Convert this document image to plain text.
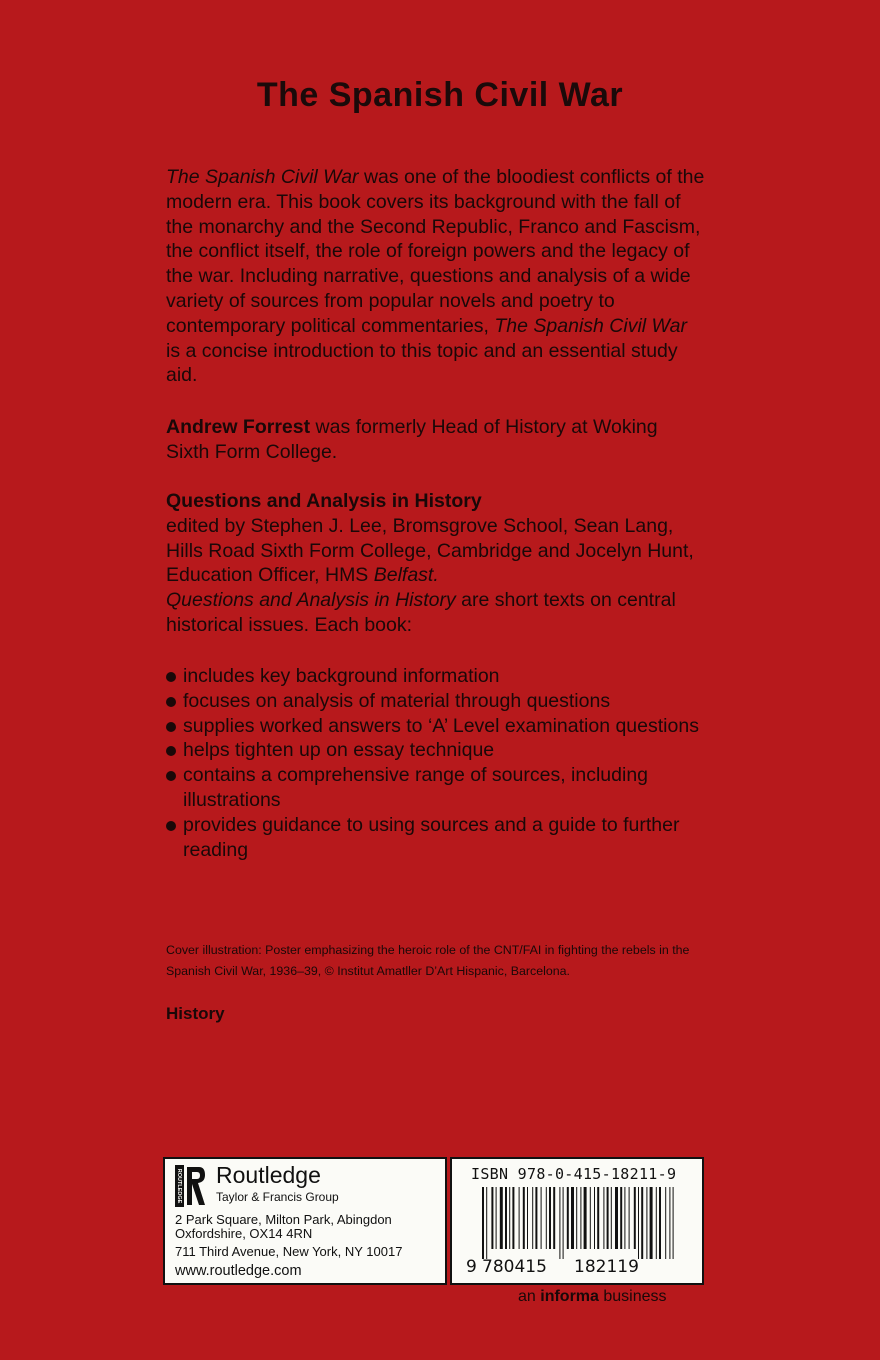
The Spanish Civil War
The Spanish Civil War was one of the bloodiest conflicts of the modern era. This book covers its background with the fall of the monarchy and the Second Republic, Franco and Fascism, the conflict itself, the role of foreign powers and the legacy of the war. Including narrative, questions and analysis of a wide variety of sources from popular novels and poetry to contemporary political commentaries, The Spanish Civil War is a concise introduction to this topic and an essential study aid.
Andrew Forrest was formerly Head of History at Woking Sixth Form College.
Questions and Analysis in History
edited by Stephen J. Lee, Bromsgrove School, Sean Lang, Hills Road Sixth Form College, Cambridge and Jocelyn Hunt, Education Officer, HMS Belfast.
Questions and Analysis in History are short texts on central historical issues. Each book:
includes key background information
focuses on analysis of material through questions
supplies worked answers to ‘A’ Level examination questions
helps tighten up on essay technique
contains a comprehensive range of sources, including illustrations
provides guidance to using sources and a guide to further reading
Cover illustration: Poster emphasizing the heroic role of the CNT/FAI in fighting the rebels in the Spanish Civil War, 1936–39, © Institut Amatller D’Art Hispanic, Barcelona.
History
ROUTLEDGE Routledge
Taylor & Francis Group
2 Park Square, Milton Park, Abingdon Oxfordshire, OX14 4RN
711 Third Avenue, New York, NY 10017
www.routledge.com
ISBN 978-0-415-18211-9
9 780415 182119
an informa business
